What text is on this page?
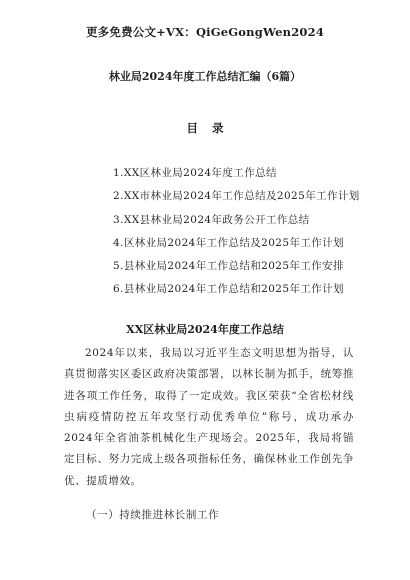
更多免费公文+VX：QiGeGongWen2024
林业局2024年度工作总结汇编（6篇）
目录
1.XX区林业局2024年度工作总结
2.XX市林业局2024年工作总结及2025年工作计划
3.XX县林业局2024年政务公开工作总结
4.区林业局2024年工作总结及2025年工作计划
5.县林业局2024年工作总结和2025年工作安排
6.县林业局2024年工作总结和2025年工作计划
XX区林业局2024年度工作总结

2024年以来，我局以习近平生态文明思想为指导，认真贯彻落实区委区政府决策部署，以林长制为抓手，统筹推进各项工作任务，取得了一定成效。我区荣获“全省松材线虫病疫情防控五年攻坚行动优秀单位”称号，成功承办2024年全省油茶机械化生产现场会。2025年，我局将锚定目标、努力完成上级各项指标任务，确保林业工作创先争优、提质增效。

（一）持续推进林长制工作
